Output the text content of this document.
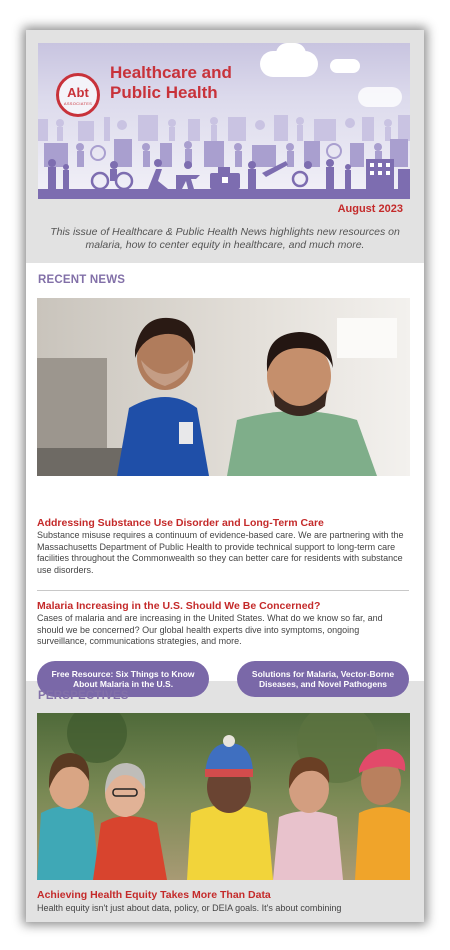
Abt
ASSOCIATES
Healthcare and
Public Health
August 2023
This issue of Healthcare & Public Health News highlights new resources on malaria, how to center equity in healthcare, and much more.
RECENT NEWS
Addressing Substance Use Disorder and Long-Term Care
Substance misuse requires a continuum of evidence-based care. We are partnering with the Massachusetts Department of Public Health to provide technical support to long-term care facilities throughout the Commonwealth so they can better care for residents with substance use disorders.
Malaria Increasing in the U.S. Should We Be Concerned?
Cases of malaria and are increasing in the United States. What do we know so far, and should we be concerned? Our global health experts dive into symptoms, ongoing surveillance, communications strategies, and more.
Free Resource: Six Things to Know About Malaria in the U.S.
Solutions for Malaria, Vector-Borne Diseases, and Novel Pathogens
PERSPECTIVES
Achieving Health Equity Takes More Than Data
Health equity isn't just about data, policy, or DEIA goals. It's about combining
